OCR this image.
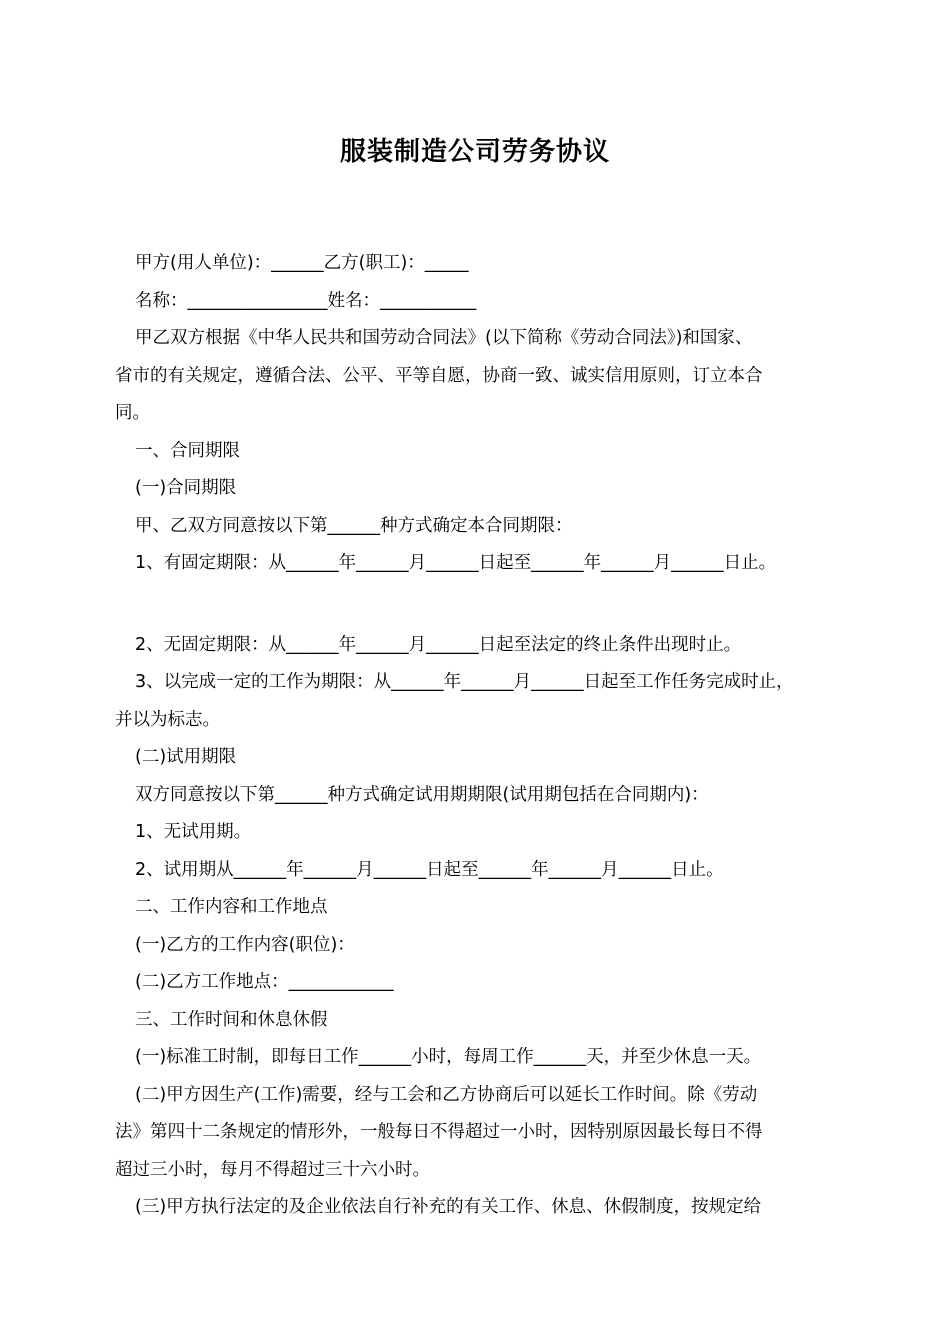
服装制造公司劳务协议

甲方(用人单位)：______乙方(职工)：_____

名称：________________姓名：___________

甲乙双方根据《中华人民共和国劳动合同法》(以下简称《劳动合同法》)和国家、

省市的有关规定，遵循合法、公平、平等自愿，协商一致、诚实信用原则，订立本合

同。

一、合同期限

(一)合同期限

甲、乙双方同意按以下第______种方式确定本合同期限：

1、有固定期限：从______年______月______日起至______年______月______日止。

2、无固定期限：从______年______月______日起至法定的终止条件出现时止。

3、以完成一定的工作为期限：从______年______月______日起至工作任务完成时止，

并以为标志。

(二)试用期限

双方同意按以下第______种方式确定试用期期限(试用期包括在合同期内)：

1、无试用期。

2、试用期从______年______月______日起至______年______月______日止。

二、工作内容和工作地点

(一)乙方的工作内容(职位)：

(二)乙方工作地点：____________

三、工作时间和休息休假

(一)标准工时制，即每日工作______小时，每周工作______天，并至少休息一天。

(二)甲方因生产(工作)需要，经与工会和乙方协商后可以延长工作时间。除《劳动

法》第四十二条规定的情形外，一般每日不得超过一小时，因特别原因最长每日不得

超过三小时，每月不得超过三十六小时。

(三)甲方执行法定的及企业依法自行补充的有关工作、休息、休假制度，按规定给
